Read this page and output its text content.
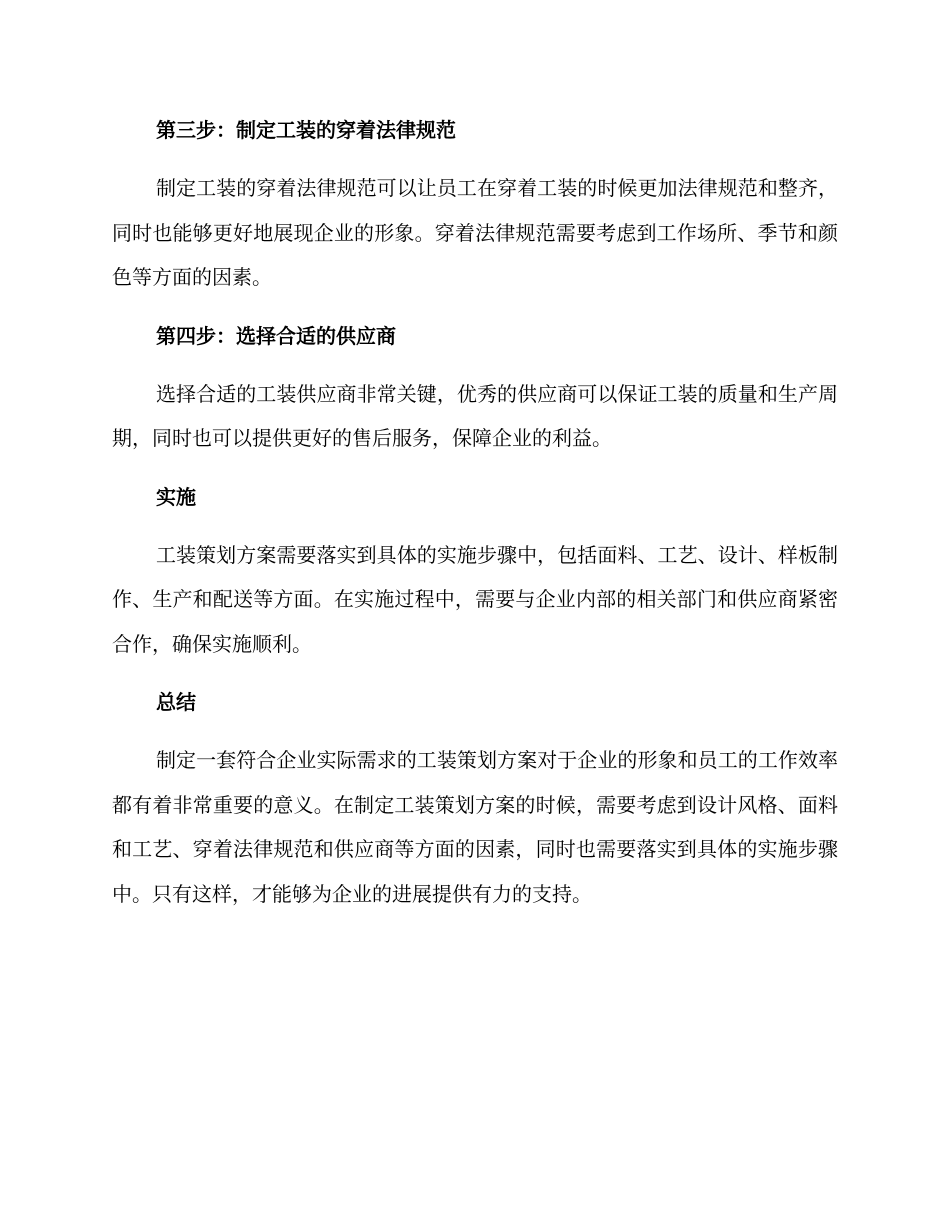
第三步：制定工装的穿着法律规范
制定工装的穿着法律规范可以让员工在穿着工装的时候更加法律规范和整齐，同时也能够更好地展现企业的形象。穿着法律规范需要考虑到工作场所、季节和颜色等方面的因素。
第四步：选择合适的供应商
选择合适的工装供应商非常关键，优秀的供应商可以保证工装的质量和生产周期，同时也可以提供更好的售后服务，保障企业的利益。
实施
工装策划方案需要落实到具体的实施步骤中，包括面料、工艺、设计、样板制作、生产和配送等方面。在实施过程中，需要与企业内部的相关部门和供应商紧密合作，确保实施顺利。
总结
制定一套符合企业实际需求的工装策划方案对于企业的形象和员工的工作效率都有着非常重要的意义。在制定工装策划方案的时候，需要考虑到设计风格、面料和工艺、穿着法律规范和供应商等方面的因素，同时也需要落实到具体的实施步骤中。只有这样，才能够为企业的进展提供有力的支持。
